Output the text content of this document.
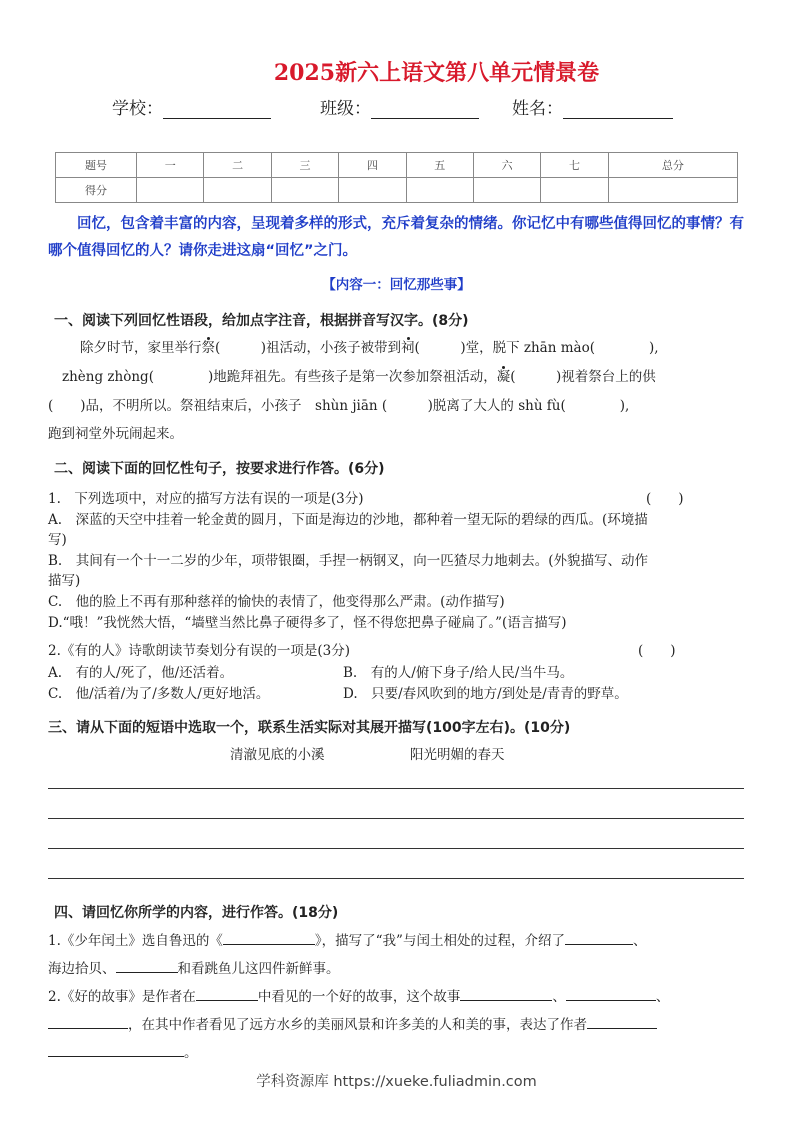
2025新六上语文第八单元情景卷
学校：	班级：	姓名：
题号	一	二	三	四	五	六	七	总分
得分								
回忆，包含着丰富的内容，呈现着多样的形式，充斥着复杂的情绪。你记忆中有哪些值得回忆的事情？有哪个值得回忆的人？请你走进这扇“回忆”之门。
【内容一：回忆那些事】
一、阅读下列回忆性语段，给加点字注音，根据拼音写汉字。(8分)
除夕时节，家里举行祭(　　　)祖活动，小孩子被带到祠(　　　)堂，脱下 zhān mào(　　　　),
zhèng zhòng(　　　　)地跪拜祖先。有些孩子是第一次参加祭祖活动，凝(　　　)视着祭台上的供
(　　)品，不明所以。祭祖结束后，小孩子　shùn jiān (　　　)脱离了大人的 shù fù(　　　　),
跑到祠堂外玩闹起来。
二、阅读下面的回忆性句子，按要求进行作答。(6分)
1.　下列选项中，对应的描写方法有误的一项是(3分)	(　　)
A.　深蓝的天空中挂着一轮金黄的圆月，下面是海边的沙地，都种着一望无际的碧绿的西瓜。(环境描
写)
B.　其间有一个十一二岁的少年，项带银圈，手捏一柄钢叉，向一匹猹尽力地刺去。(外貌描写、动作
描写)
C.　他的脸上不再有那种慈祥的愉快的表情了，他变得那么严肃。(动作描写)
D.“哦！”我恍然大悟，“墙壁当然比鼻子硬得多了，怪不得您把鼻子碰扁了。”(语言描写)
2.《有的人》诗歌朗读节奏划分有误的一项是(3分)	(　　)
A.　有的人/死了，他/还活着。	B.　有的人/俯下身子/给人民/当牛马。
C.　他/活着/为了/多数人/更好地活。	D.　只要/春风吹到的地方/到处是/青青的野草。
三、请从下面的短语中选取一个，联系生活实际对其展开描写(100字左右)。(10分)
清澈见底的小溪	阳光明媚的春天
四、请回忆你所学的内容，进行作答。(18分)
1.《少年闰土》选自鲁迅的《	》，描写了“我”与闰土相处的过程，介绍了	、
海边拾贝、	和看跳鱼儿这四件新鲜事。
2.《好的故事》是作者在	中看见的一个好的故事，这个故事	、	、
，在其中作者看见了远方水乡的美丽风景和许多美的人和美的事，表达了作者
。
学科资源库 https://xueke.fuliadmin.com
